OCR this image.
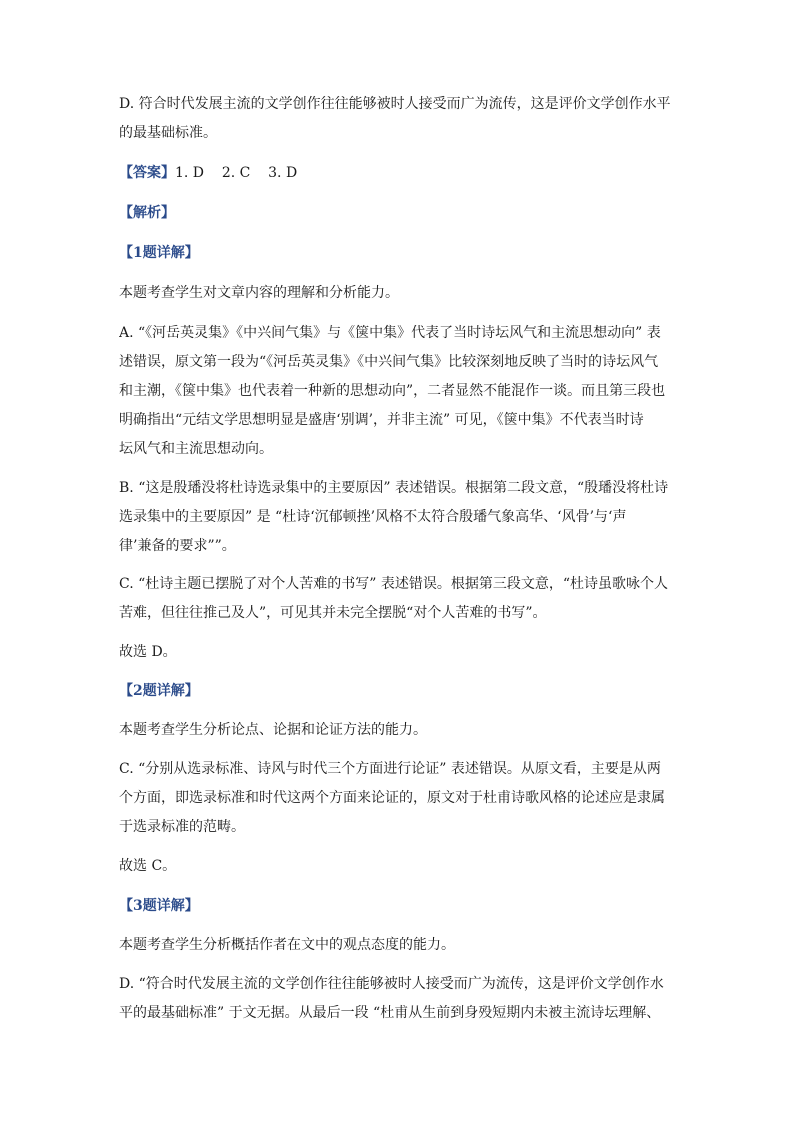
D. 符合时代发展主流的文学创作往往能够被时人接受而广为流传，这是评价文学创作水平
的最基础标准。
【答案】1. D    2. C    3. D
【解析】
【1题详解】
本题考查学生对文章内容的理解和分析能力。
A. “《河岳英灵集》《中兴间气集》与《箧中集》代表了当时诗坛风气和主流思想动向” 表
述错误，原文第一段为“《河岳英灵集》《中兴间气集》比较深刻地反映了当时的诗坛风气
和主潮，《箧中集》也代表着一种新的思想动向”，二者显然不能混作一谈。而且第三段也
明确指出“元结文学思想明显是盛唐‘别调’，并非主流” 可见，《箧中集》不代表当时诗
坛风气和主流思想动向。
B. “这是殷璠没将杜诗选录集中的主要原因” 表述错误。根据第二段文意，“殷璠没将杜诗
选录集中的主要原因” 是 “杜诗‘沉郁顿挫’风格不太符合殷璠气象高华、‘风骨’与‘声
律’兼备的要求””。
C. “杜诗主题已摆脱了对个人苦难的书写” 表述错误。根据第三段文意，“杜诗虽歌咏个人
苦难，但往往推己及人”，可见其并未完全摆脱“对个人苦难的书写”。
故选 D。
【2题详解】
本题考查学生分析论点、论据和论证方法的能力。
C. “分别从选录标准、诗风与时代三个方面进行论证” 表述错误。从原文看，主要是从两
个方面，即选录标准和时代这两个方面来论证的，原文对于杜甫诗歌风格的论述应是隶属
于选录标准的范畴。
故选 C。
【3题详解】
本题考查学生分析概括作者在文中的观点态度的能力。
D. “符合时代发展主流的文学创作往往能够被时人接受而广为流传，这是评价文学创作水
平的最基础标准” 于文无据。从最后一段 “杜甫从生前到身殁短期内未被主流诗坛理解、
